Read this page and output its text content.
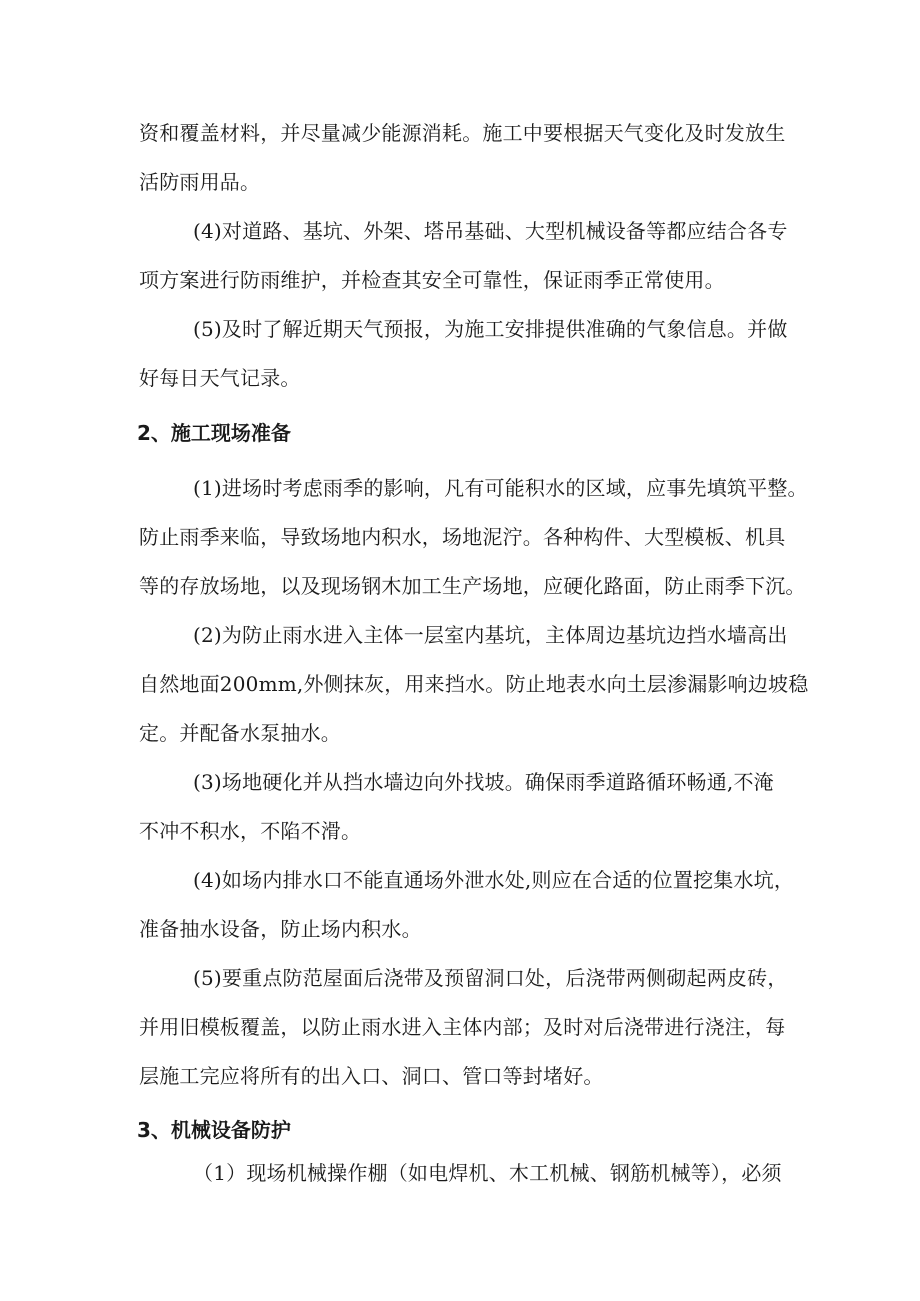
资和覆盖材料，并尽量减少能源消耗。施工中要根据天气变化及时发放生
活防雨用品。
(4)对道路、基坑、外架、塔吊基础、大型机械设备等都应结合各专
项方案进行防雨维护，并检查其安全可靠性，保证雨季正常使用。
(5)及时了解近期天气预报，为施工安排提供准确的气象信息。并做
好每日天气记录。
2、施工现场准备
(1)进场时考虑雨季的影响，凡有可能积水的区域，应事先填筑平整。
防止雨季来临，导致场地内积水，场地泥泞。各种构件、大型模板、机具
等的存放场地，以及现场钢木加工生产场地，应硬化路面，防止雨季下沉。
(2)为防止雨水进入主体一层室内基坑，主体周边基坑边挡水墙高出
自然地面200mm,外侧抹灰，用来挡水。防止地表水向土层渗漏影响边坡稳
定。并配备水泵抽水。
(3)场地硬化并从挡水墙边向外找坡。确保雨季道路循环畅通,不淹
不冲不积水，不陷不滑。
(4)如场内排水口不能直通场外泄水处,则应在合适的位置挖集水坑，
准备抽水设备，防止场内积水。
(5)要重点防范屋面后浇带及预留洞口处，后浇带两侧砌起两皮砖，
并用旧模板覆盖，以防止雨水进入主体内部；及时对后浇带进行浇注，每
层施工完应将所有的出入口、洞口、管口等封堵好。
3、机械设备防护
（1）现场机械操作棚（如电焊机、木工机械、钢筋机械等），必须
